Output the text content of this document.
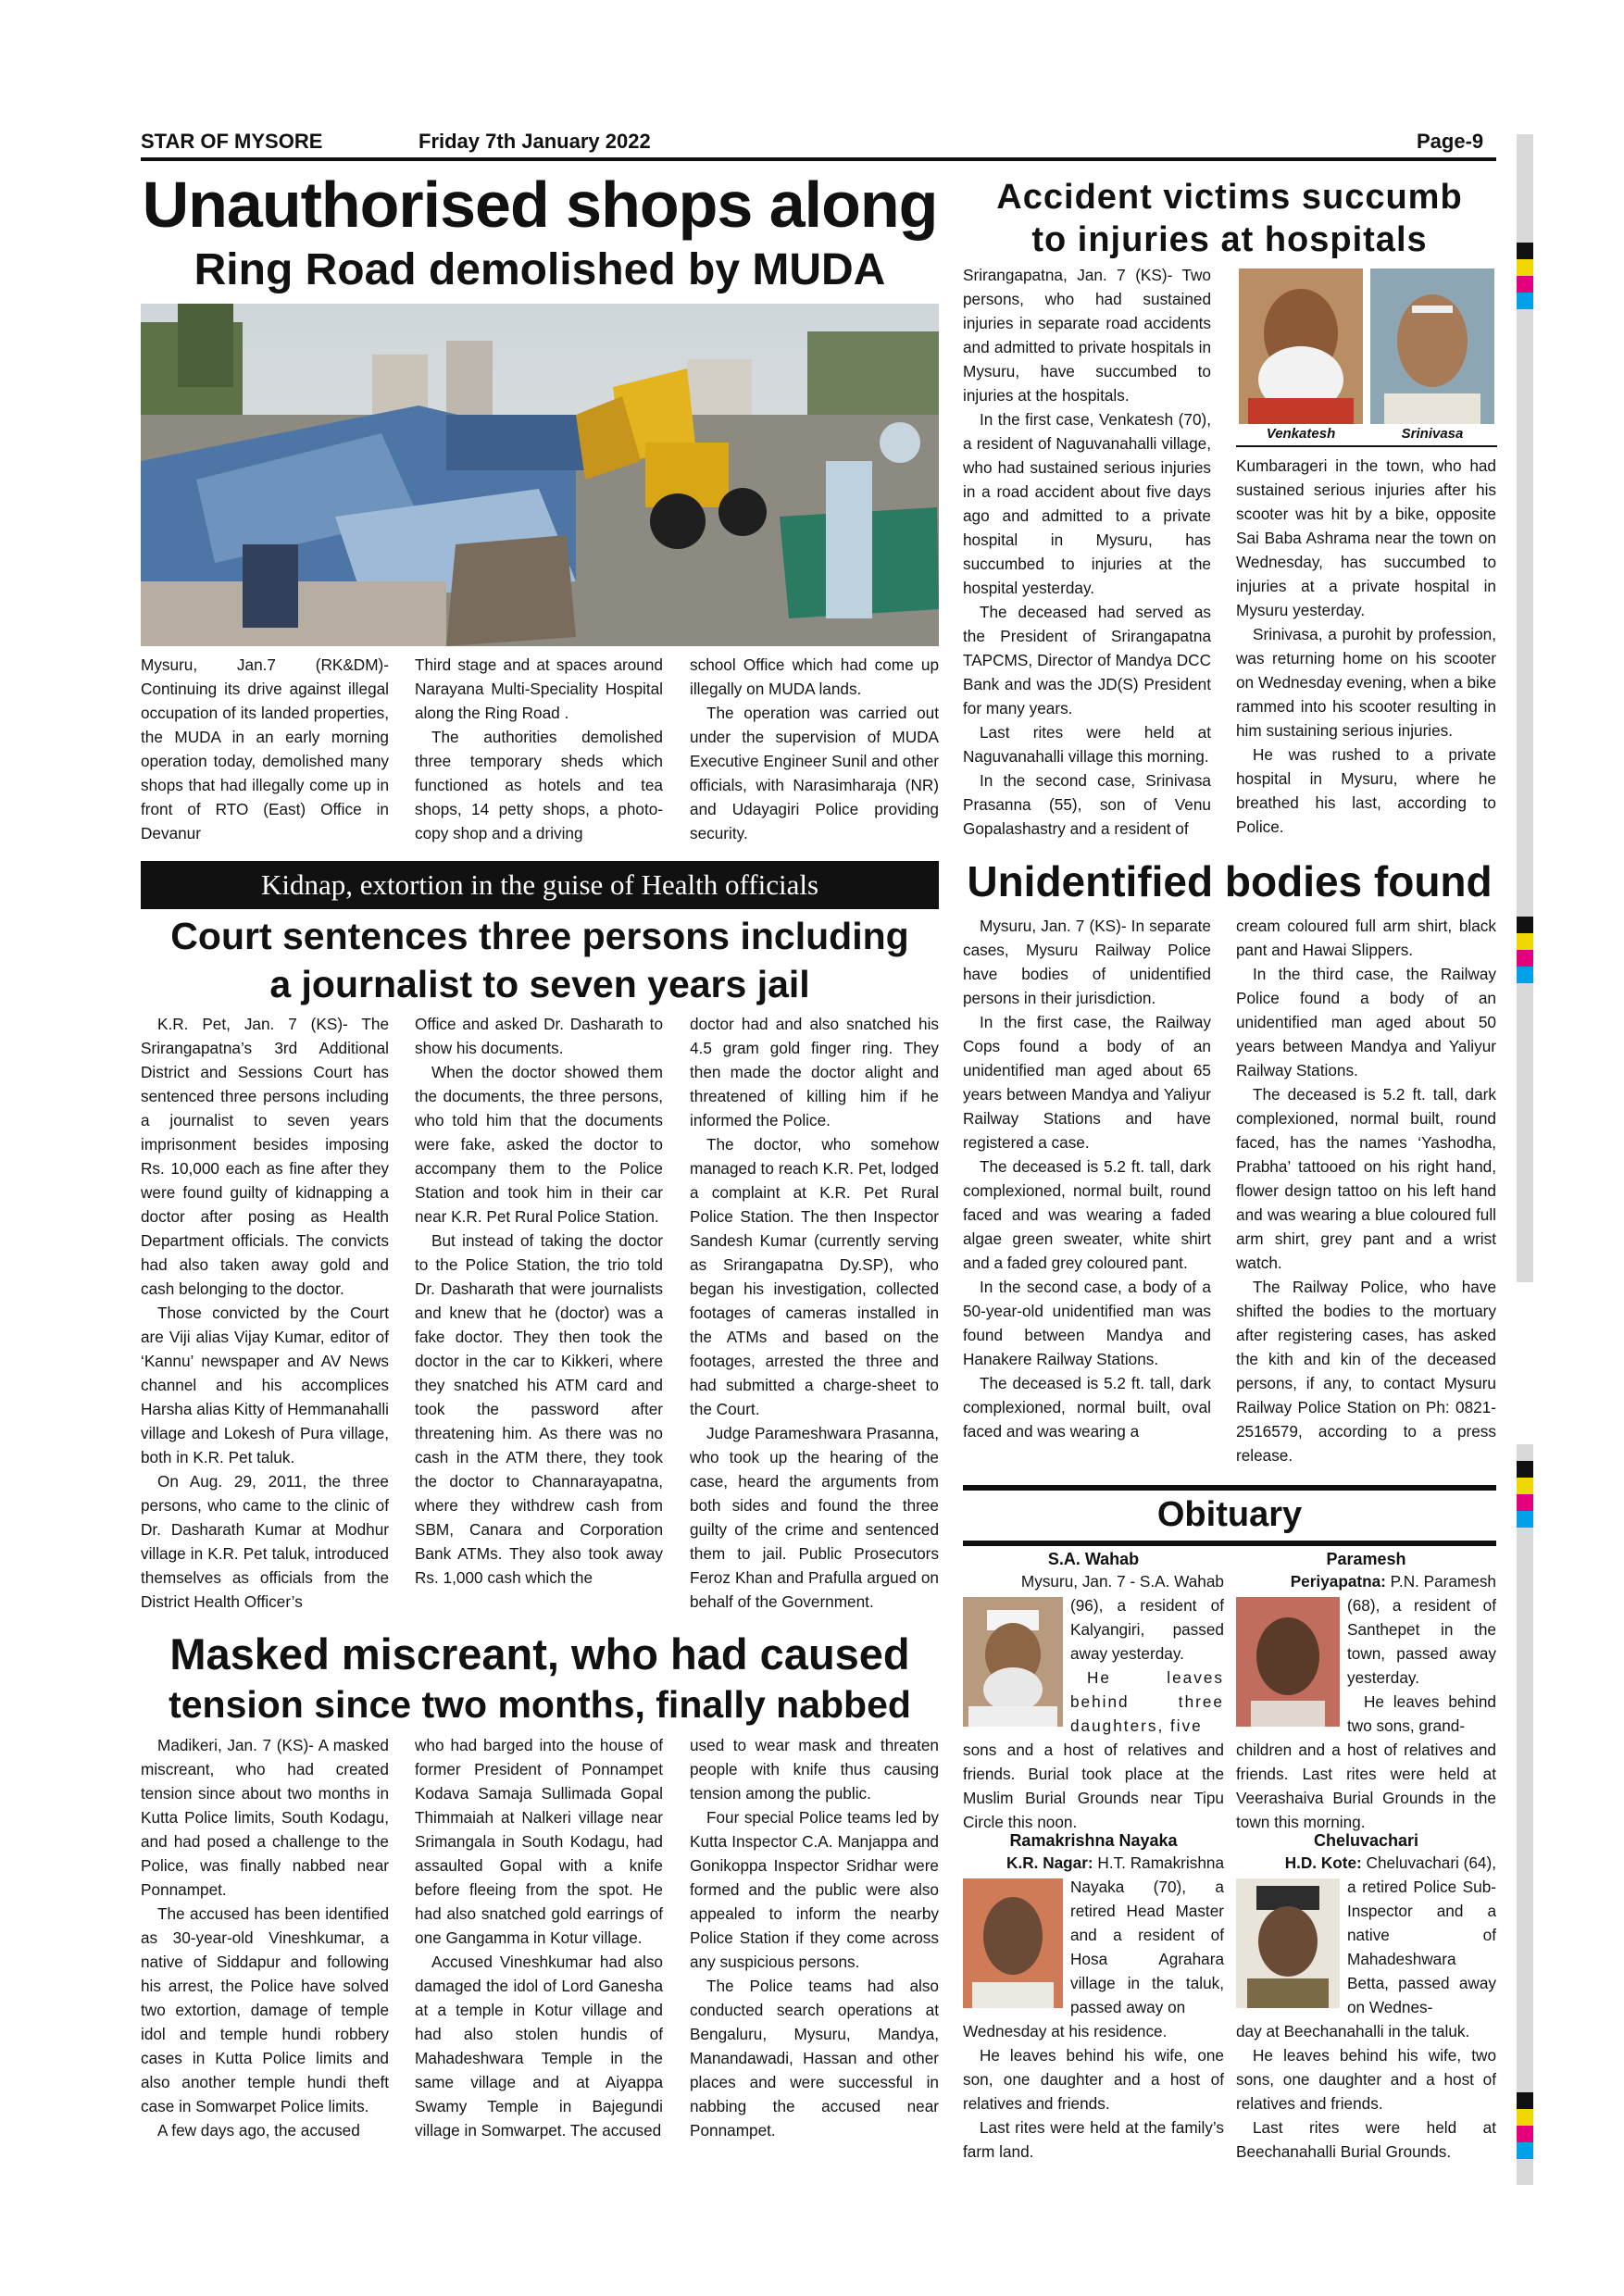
STAR OF MYSORE	Friday 7th January 2022	Page-9
Unauthorised shops along
Ring Road demolished by MUDA

Mysuru, Jan.7 (RK&DM)- Continuing its drive against illegal occupation of its landed properties, the MUDA in an early morning operation today, demolished many shops that had illegally come up in front of RTO (East) Office in Devanur

Third stage and at spaces around Narayana Multi-Speciality Hospital along the Ring Road .

The authorities demolished three temporary sheds which functioned as hotels and tea shops, 14 petty shops, a photo-copy shop and a driving

school Office which had come up illegally on MUDA lands.

The operation was carried out under the supervision of MUDA Executive Engineer Sunil and other officials, with Narasimharaja (NR) and Udayagiri Police providing security.

Accident victims succumb
to injuries at hospitals

Srirangapatna, Jan. 7 (KS)- Two persons, who had sustained injuries in separate road accidents and admitted to private hospitals in Mysuru, have succumbed to injuries at the hospitals.

In the first case, Venkatesh (70), a resident of Naguvanahalli village, who had sustained serious injuries in a road accident about five days ago and admitted to a private hospital in Mysuru, has succumbed to injuries at the hospital yesterday.

The deceased had served as the President of Srirangapatna TAPCMS, Director of Mandya DCC Bank and was the JD(S) President for many years.

Last rites were held at Naguvanahalli village this morning.

In the second case, Srinivasa Prasanna (55), son of Venu Gopalashastry and a resident of

Venkatesh	Srinivasa

Kumbarageri in the town, who had sustained serious injuries after his scooter was hit by a bike, opposite Sai Baba Ashrama near the town on Wednesday, has succumbed to injuries at a private hospital in Mysuru yesterday.

Srinivasa, a purohit by profession, was returning home on his scooter on Wednesday evening, when a bike rammed into his scooter resulting in him sustaining serious injuries.

He was rushed to a private hospital in Mysuru, where he breathed his last, according to Police.

Kidnap, extortion in the guise of Health officials
Court sentences three persons including
a journalist to seven years jail

K.R. Pet, Jan. 7 (KS)- The Srirangapatna’s 3rd Additional District and Sessions Court has sentenced three persons including a journalist to seven years imprisonment besides imposing Rs. 10,000 each as fine after they were found guilty of kidnapping a doctor after posing as Health Department officials. The convicts had also taken away gold and cash belonging to the doctor.

Those convicted by the Court are Viji alias Vijay Kumar, editor of ‘Kannu’ newspaper and AV News channel and his accomplices Harsha alias Kitty of Hemmanahalli village and Lokesh of Pura village, both in K.R. Pet taluk.

On Aug. 29, 2011, the three persons, who came to the clinic of Dr. Dasharath Kumar at Modhur village in K.R. Pet taluk, introduced themselves as officials from the District Health Officer’s

Office and asked Dr. Dasharath to show his documents.

When the doctor showed them the documents, the three persons, who told him that the documents were fake, asked the doctor to accompany them to the Police Station and took him in their car near K.R. Pet Rural Police Station.

But instead of taking the doctor to the Police Station, the trio told Dr. Dasharath that were journalists and knew that he (doctor) was a fake doctor. They then took the doctor in the car to Kikkeri, where they snatched his ATM card and took the password after threatening him. As there was no cash in the ATM there, they took the doctor to Channarayapatna, where they withdrew cash from SBM, Canara and Corporation Bank ATMs. They also took away Rs. 1,000 cash which the

doctor had and also snatched his 4.5 gram gold finger ring. They then made the doctor alight and threatened of killing him if he informed the Police.

The doctor, who somehow managed to reach K.R. Pet, lodged a complaint at K.R. Pet Rural Police Station. The then Inspector Sandesh Kumar (currently serving as Srirangapatna Dy.SP), who began his investigation, collected footages of cameras installed in the ATMs and based on the footages, arrested the three and had submitted a charge-sheet to the Court.

Judge Parameshwara Prasanna, who took up the hearing of the case, heard the arguments from both sides and found the three guilty of the crime and sentenced them to jail. Public Prosecutors Feroz Khan and Prafulla argued on behalf of the Government.

Unidentified bodies found

Mysuru, Jan. 7 (KS)- In separate cases, Mysuru Railway Police have bodies of unidentified persons in their jurisdiction.

In the first case, the Railway Cops found a body of an unidentified man aged about 65 years between Mandya and Yaliyur Railway Stations and have registered a case.

The deceased is 5.2 ft. tall, dark complexioned, normal built, round faced and was wearing a faded algae green sweater, white shirt and a faded grey coloured pant.

In the second case, a body of a 50-year-old unidentified man was found between Mandya and Hanakere Railway Stations.

The deceased is 5.2 ft. tall, dark complexioned, normal built, oval faced and was wearing a

cream coloured full arm shirt, black pant and Hawai Slippers.

In the third case, the Railway Police found a body of an unidentified man aged about 50 years between Mandya and Yaliyur Railway Stations.

The deceased is 5.2 ft. tall, dark complexioned, normal built, round faced, has the names ‘Yashodha, Prabha’ tattooed on his right hand, flower design tattoo on his left hand and was wearing a blue coloured full arm shirt, grey pant and a wrist watch.

The Railway Police, who have shifted the bodies to the mortuary after registering cases, has asked the kith and kin of the deceased persons, if any, to contact Mysuru Railway Police Station on Ph: 0821-2516579, according to a press release.

Obituary
S.A. Wahab
Mysuru, Jan. 7 - S.A. Wahab
(96), a resident of Kalyangiri, passed away yesterday.
He leaves behind three daughters, five
sons and a host of relatives and friends. Burial took place at the Muslim Burial Grounds near Tipu Circle this noon.
Paramesh
Periyapatna: P.N. Paramesh
(68), a resident of Santhepet in the town, passed away yesterday.
He leaves behind two sons, grand-
children and a host of relatives and friends. Last rites were held at Veerashaiva Burial Grounds in the town this morning.
Ramakrishna Nayaka
K.R. Nagar: H.T. Ramakrishna
Nayaka (70), a retired Head Master and a resident of Hosa Agrahara village in the taluk, passed away on
Wednesday at his residence.
He leaves behind his wife, one son, one daughter and a host of relatives and friends.
Last rites were held at the family’s farm land.
Cheluvachari
H.D. Kote: Cheluvachari (64),
a retired Police Sub-Inspector and a native of Mahadeshwara Betta, passed away on Wednes-
day at Beechanahalli in the taluk.
He leaves behind his wife, two sons, one daughter and a host of relatives and friends.
Last rites were held at Beechanahalli Burial Grounds.
Masked miscreant, who had caused
tension since two months, finally nabbed

Madikeri, Jan. 7 (KS)- A masked miscreant, who had created tension since about two months in Kutta Police limits, South Kodagu, and had posed a challenge to the Police, was finally nabbed near Ponnampet.

The accused has been identified as 30-year-old Vineshkumar, a native of Siddapur and following his arrest, the Police have solved two extortion, damage of temple idol and temple hundi robbery cases in Kutta Police limits and also another temple hundi theft case in Somwarpet Police limits.

A few days ago, the accused

who had barged into the house of former President of Ponnampet Kodava Samaja Sullimada Gopal Thimmaiah at Nalkeri village near Srimangala in South Kodagu, had assaulted Gopal with a knife before fleeing from the spot. He had also snatched gold earrings of one Gangamma in Kotur village.

Accused Vineshkumar had also damaged the idol of Lord Ganesha at a temple in Kotur village and had also stolen hundis of Mahadeshwara Temple in the same village and at Aiyappa Swamy Temple in Bajegundi village in Somwarpet. The accused

used to wear mask and threaten people with knife thus causing tension among the public.

Four special Police teams led by Kutta Inspector C.A. Manjappa and Gonikoppa Inspector Sridhar were formed and the public were also appealed to inform the nearby Police Station if they come across any suspicious persons.

The Police teams had also conducted search operations at Bengaluru, Mysuru, Mandya, Manandawadi, Hassan and other places and were successful in nabbing the accused near Ponnampet.
